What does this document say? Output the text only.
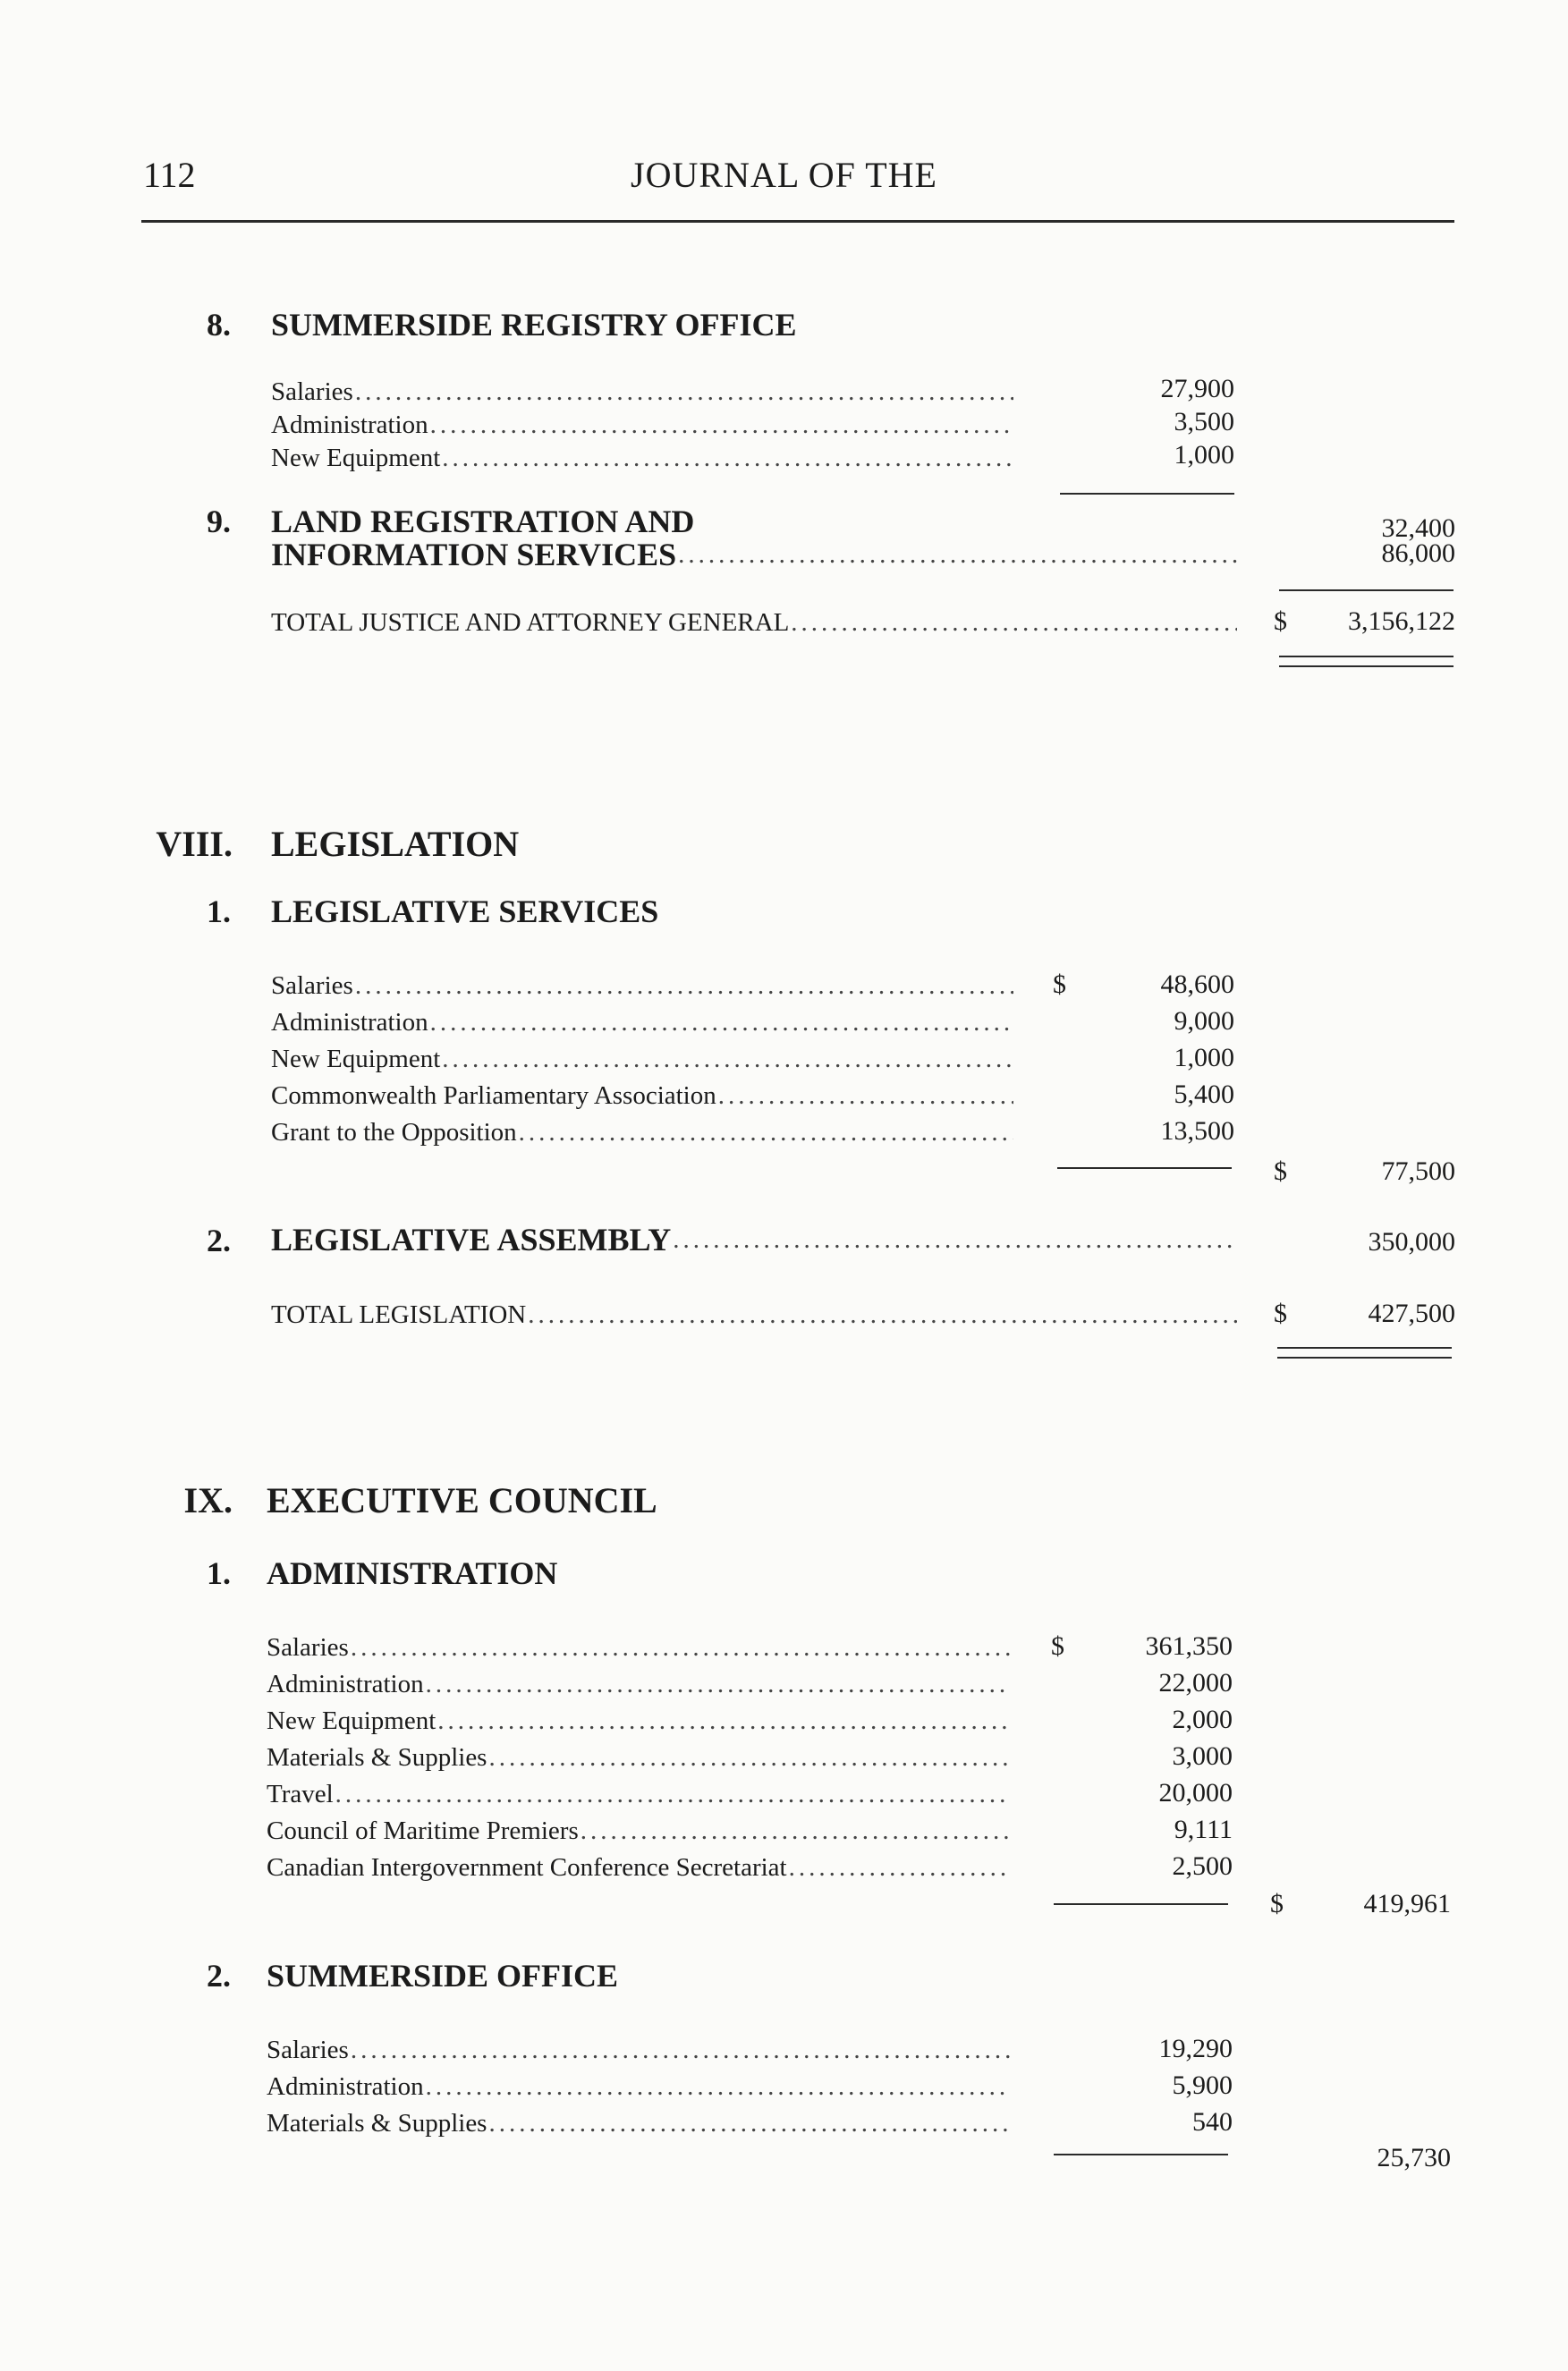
112	JOURNAL OF THE
8. SUMMERSIDE REGISTRY OFFICE
Salaries .....	27,900
Administration .....	3,500
New Equipment .....	1,000
32,400
9. LAND REGISTRATION AND
INFORMATION SERVICES .....	86,000
TOTAL JUSTICE AND ATTORNEY GENERAL .....	$	3,156,122
VIII. LEGISLATION
1. LEGISLATIVE SERVICES
Salaries .....	$	48,600
Administration .....	9,000
New Equipment .....	1,000
Commonwealth Parliamentary Association .....	5,400
Grant to the Opposition .....	13,500
$	77,500
2. LEGISLATIVE ASSEMBLY .....	350,000
TOTAL LEGISLATION .....	$	427,500
IX. EXECUTIVE COUNCIL
1. ADMINISTRATION
Salaries .....	$	361,350
Administration .....	22,000
New Equipment .....	2,000
Materials & Supplies .....	3,000
Travel .....	20,000
Council of Maritime Premiers .....	9,111
Canadian Intergovernment Conference Secretariat .....	2,500
$	419,961
2. SUMMERSIDE OFFICE
Salaries .....	19,290
Administration .....	5,900
Materials & Supplies .....	540
25,730
